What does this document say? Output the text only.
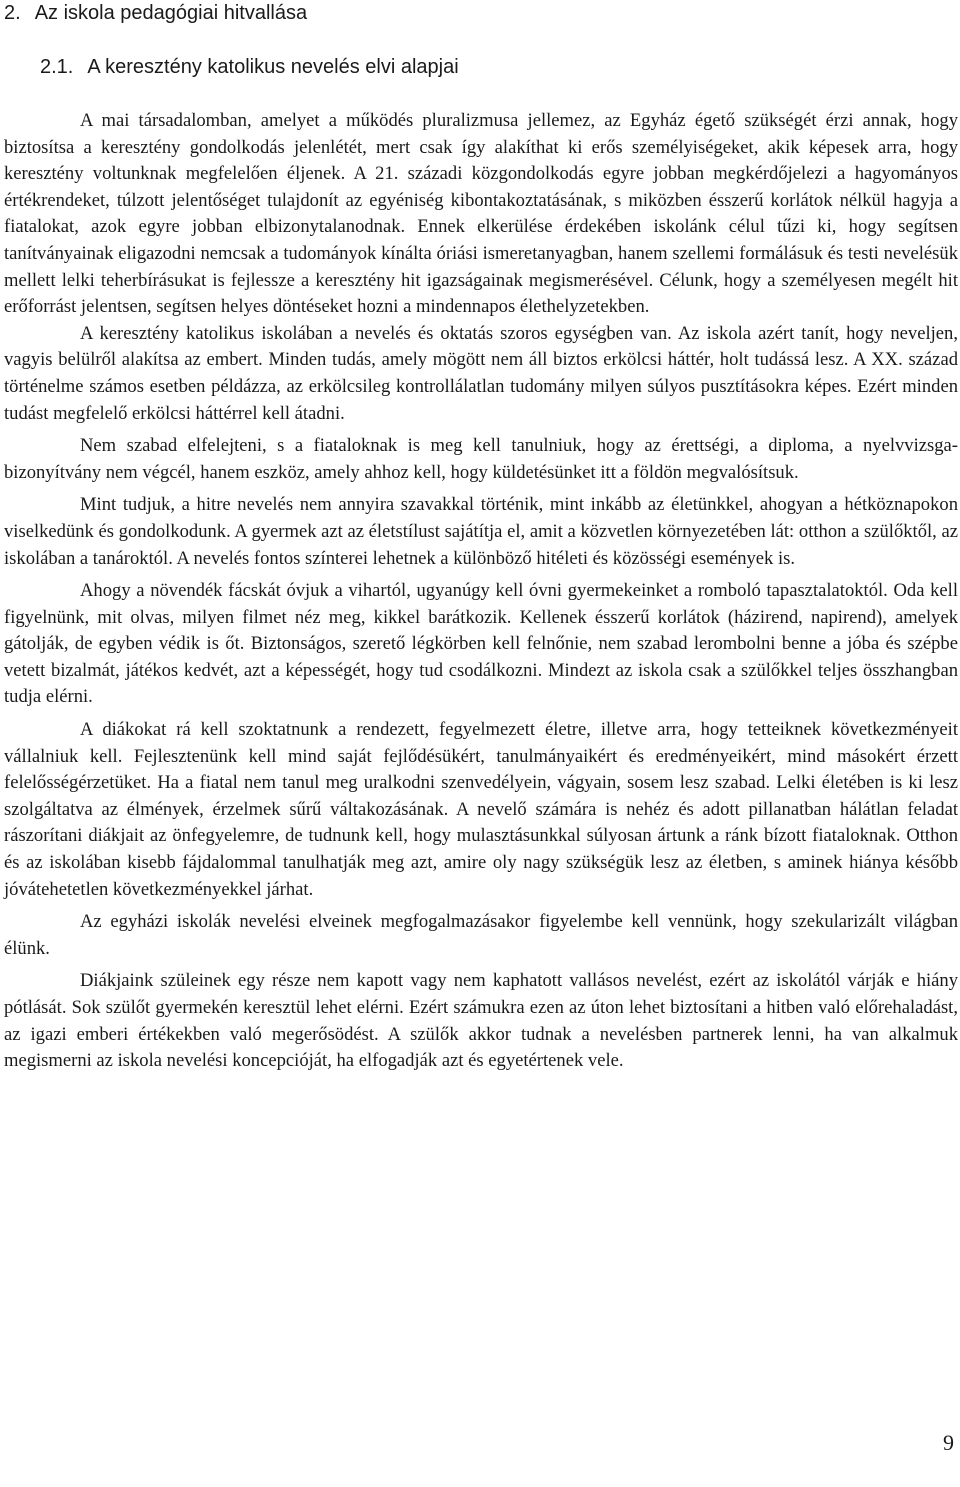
2. Az iskola pedagógiai hitvallása
2.1. A keresztény katolikus nevelés elvi alapjai

A mai társadalomban, amelyet a működés pluralizmusa jellemez, az Egyház égető szükségét érzi annak, hogy biztosítsa a keresztény gondolkodás jelenlétét, mert csak így alakíthat ki erős személyiségeket, akik képesek arra, hogy keresztény voltunknak megfelelően éljenek. A 21. századi közgondolkodás egyre jobban megkérdőjelezi a hagyományos értékrendeket, túlzott jelentőséget tulajdonít az egyéniség kibontakoztatásának, s miközben ésszerű korlátok nélkül hagyja a fiatalokat, azok egyre jobban elbizonytalanodnak. Ennek elkerülése érdekében iskolánk célul tűzi ki, hogy segítsen tanítványainak eligazodni nemcsak a tudományok kínálta óriási ismeretanyagban, hanem szellemi formálásuk és testi nevelésük mellett lelki teherbírásukat is fejlessze a keresztény hit igazságainak megismerésével. Célunk, hogy a személyesen megélt hit erőforrást jelentsen, segítsen helyes döntéseket hozni a mindennapos élethelyzetekben.

A keresztény katolikus iskolában a nevelés és oktatás szoros egységben van. Az iskola azért tanít, hogy neveljen, vagyis belülről alakítsa az embert. Minden tudás, amely mögött nem áll biztos erkölcsi háttér, holt tudássá lesz. A XX. század történelme számos esetben példázza, az erkölcsileg kontrollálatlan tudomány milyen súlyos pusztításokra képes. Ezért minden tudást megfelelő erkölcsi háttérrel kell átadni.

Nem szabad elfelejteni, s a fiataloknak is meg kell tanulniuk, hogy az érettségi, a diploma, a nyelvvizsga-bizonyítvány nem végcél, hanem eszköz, amely ahhoz kell, hogy küldetésünket itt a földön megvalósítsuk.

Mint tudjuk, a hitre nevelés nem annyira szavakkal történik, mint inkább az életünkkel, ahogyan a hétköznapokon viselkedünk és gondolkodunk. A gyermek azt az életstílust sajátítja el, amit a közvetlen környezetében lát: otthon a szülőktől, az iskolában a tanároktól. A nevelés fontos színterei lehetnek a különböző hitéleti és közösségi események is.

Ahogy a növendék fácskát óvjuk a vihartól, ugyanúgy kell óvni gyermekeinket a romboló tapasztalatoktól. Oda kell figyelnünk, mit olvas, milyen filmet néz meg, kikkel barátkozik. Kellenek ésszerű korlátok (házirend, napirend), amelyek gátolják, de egyben védik is őt. Biztonságos, szerető légkörben kell felnőnie, nem szabad lerombolni benne a jóba és szépbe vetett bizalmát, játékos kedvét, azt a képességét, hogy tud csodálkozni. Mindezt az iskola csak a szülőkkel teljes összhangban tudja elérni.

A diákokat rá kell szoktatnunk a rendezett, fegyelmezett életre, illetve arra, hogy tetteiknek következményeit vállalniuk kell. Fejlesztenünk kell mind saját fejlődésükért, tanulmányaikért és eredményeikért, mind másokért érzett felelősségérzetüket. Ha a fiatal nem tanul meg uralkodni szenvedélyein, vágyain, sosem lesz szabad. Lelki életében is ki lesz szolgáltatva az élmények, érzelmek sűrű váltakozásának. A nevelő számára is nehéz és adott pillanatban hálátlan feladat rászorítani diákjait az önfegyelemre, de tudnunk kell, hogy mulasztásunkkal súlyosan ártunk a ránk bízott fiataloknak. Otthon és az iskolában kisebb fájdalommal tanulhatják meg azt, amire oly nagy szükségük lesz az életben, s aminek hiánya később jóvátehetetlen következményekkel járhat.

Az egyházi iskolák nevelési elveinek megfogalmazásakor figyelembe kell vennünk, hogy szekularizált világban élünk.

Diákjaink szüleinek egy része nem kapott vagy nem kaphatott vallásos nevelést, ezért az iskolától várják e hiány pótlását. Sok szülőt gyermekén keresztül lehet elérni. Ezért számukra ezen az úton lehet biztosítani a hitben való előrehaladást, az igazi emberi értékekben való megerősödést. A szülők akkor tudnak a nevelésben partnerek lenni, ha van alkalmuk megismerni az iskola nevelési koncepcióját, ha elfogadják azt és egyetértenek vele.

9
